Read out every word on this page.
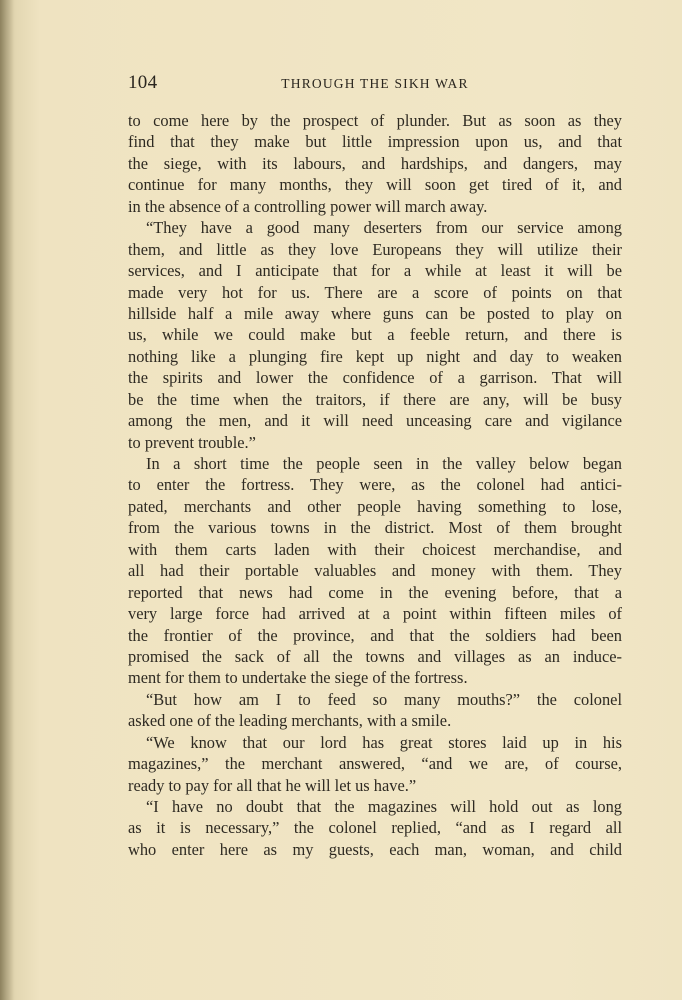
104	THROUGH THE SIKH WAR
to come here by the prospect of plunder. But as soon as they
find that they make but little impression upon us, and that
the siege, with its labours, and hardships, and dangers, may
continue for many months, they will soon get tired of it, and
in the absence of a controlling power will march away.
“They have a good many deserters from our service among
them, and little as they love Europeans they will utilize their
services, and I anticipate that for a while at least it will be
made very hot for us. There are a score of points on that
hillside half a mile away where guns can be posted to play on
us, while we could make but a feeble return, and there is
nothing like a plunging fire kept up night and day to weaken
the spirits and lower the confidence of a garrison. That will
be the time when the traitors, if there are any, will be busy
among the men, and it will need unceasing care and vigilance
to prevent trouble.”
In a short time the people seen in the valley below began
to enter the fortress. They were, as the colonel had antici-
pated, merchants and other people having something to lose,
from the various towns in the district. Most of them brought
with them carts laden with their choicest merchandise, and
all had their portable valuables and money with them. They
reported that news had come in the evening before, that a
very large force had arrived at a point within fifteen miles of
the frontier of the province, and that the soldiers had been
promised the sack of all the towns and villages as an induce-
ment for them to undertake the siege of the fortress.
“But how am I to feed so many mouths?” the colonel
asked one of the leading merchants, with a smile.
“We know that our lord has great stores laid up in his
magazines,” the merchant answered, “and we are, of course,
ready to pay for all that he will let us have.”
“I have no doubt that the magazines will hold out as long
as it is necessary,” the colonel replied, “and as I regard all
who enter here as my guests, each man, woman, and child
